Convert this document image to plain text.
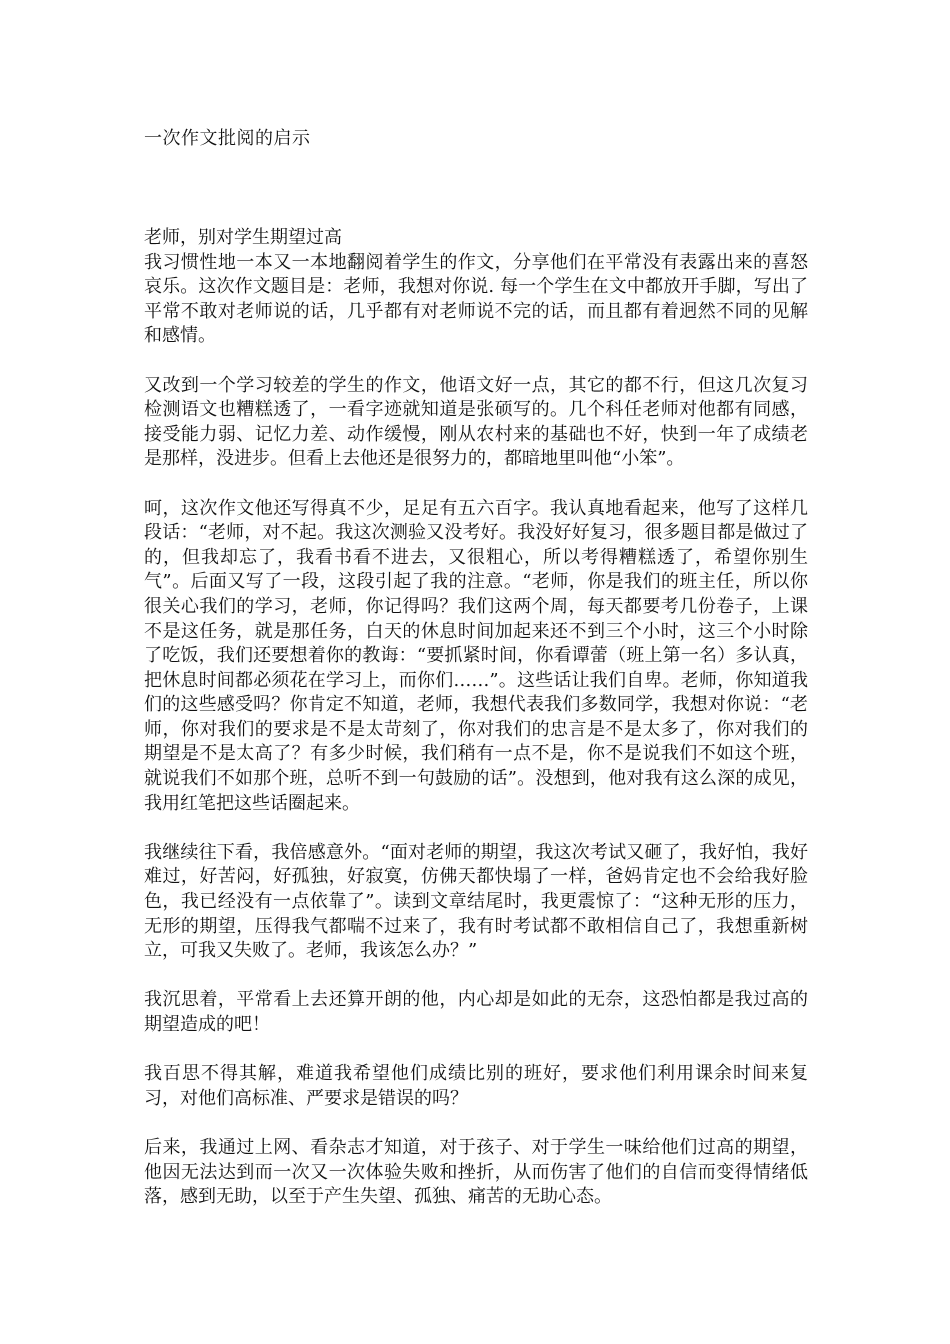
一次作文批阅的启示
老师，别对学生期望过高

我习惯性地一本又一本地翻阅着学生的作文，分享他们在平常没有表露出来的喜怒哀乐。这次作文题目是：老师，我想对你说. 每一个学生在文中都放开手脚，写出了平常不敢对老师说的话，几乎都有对老师说不完的话，而且都有着迥然不同的见解和感情。

又改到一个学习较差的学生的作文，他语文好一点，其它的都不行，但这几次复习检测语文也糟糕透了，一看字迹就知道是张硕写的。几个科任老师对他都有同感，接受能力弱、记忆力差、动作缓慢，刚从农村来的基础也不好，快到一年了成绩老是那样，没进步。但看上去他还是很努力的，都暗地里叫他“小笨”。

呵，这次作文他还写得真不少，足足有五六百字。我认真地看起来，他写了这样几段话：“老师，对不起。我这次测验又没考好。我没好好复习，很多题目都是做过了的，但我却忘了，我看书看不进去，又很粗心，所以考得糟糕透了，希望你别生气”。后面又写了一段，这段引起了我的注意。“老师，你是我们的班主任，所以你很关心我们的学习，老师，你记得吗？我们这两个周，每天都要考几份卷子，上课不是这任务，就是那任务，白天的休息时间加起来还不到三个小时，这三个小时除了吃饭，我们还要想着你的教诲：“要抓紧时间，你看谭蕾（班上第一名）多认真，把休息时间都必须花在学习上，而你们……”。这些话让我们自卑。老师，你知道我们的这些感受吗？你肯定不知道，老师，我想代表我们多数同学，我想对你说：“老师，你对我们的要求是不是太苛刻了，你对我们的忠言是不是太多了，你对我们的期望是不是太高了？有多少时候，我们稍有一点不是，你不是说我们不如这个班，就说我们不如那个班，总听不到一句鼓励的话”。没想到，他对我有这么深的成见，我用红笔把这些话圈起来。

我继续往下看，我倍感意外。“面对老师的期望，我这次考试又砸了，我好怕，我好难过，好苦闷，好孤独，好寂寞，仿佛天都快塌了一样，爸妈肯定也不会给我好脸色，我已经没有一点依靠了”。读到文章结尾时，我更震惊了：“这种无形的压力，无形的期望，压得我气都喘不过来了，我有时考试都不敢相信自己了，我想重新树立，可我又失败了。老师，我该怎么办？”

我沉思着，平常看上去还算开朗的他，内心却是如此的无奈，这恐怕都是我过高的期望造成的吧！

我百思不得其解，难道我希望他们成绩比别的班好，要求他们利用课余时间来复习，对他们高标准、严要求是错误的吗？

后来，我通过上网、看杂志才知道，对于孩子、对于学生一味给他们过高的期望，他因无法达到而一次又一次体验失败和挫折，从而伤害了他们的自信而变得情绪低落，感到无助，以至于产生失望、孤独、痛苦的无助心态。
